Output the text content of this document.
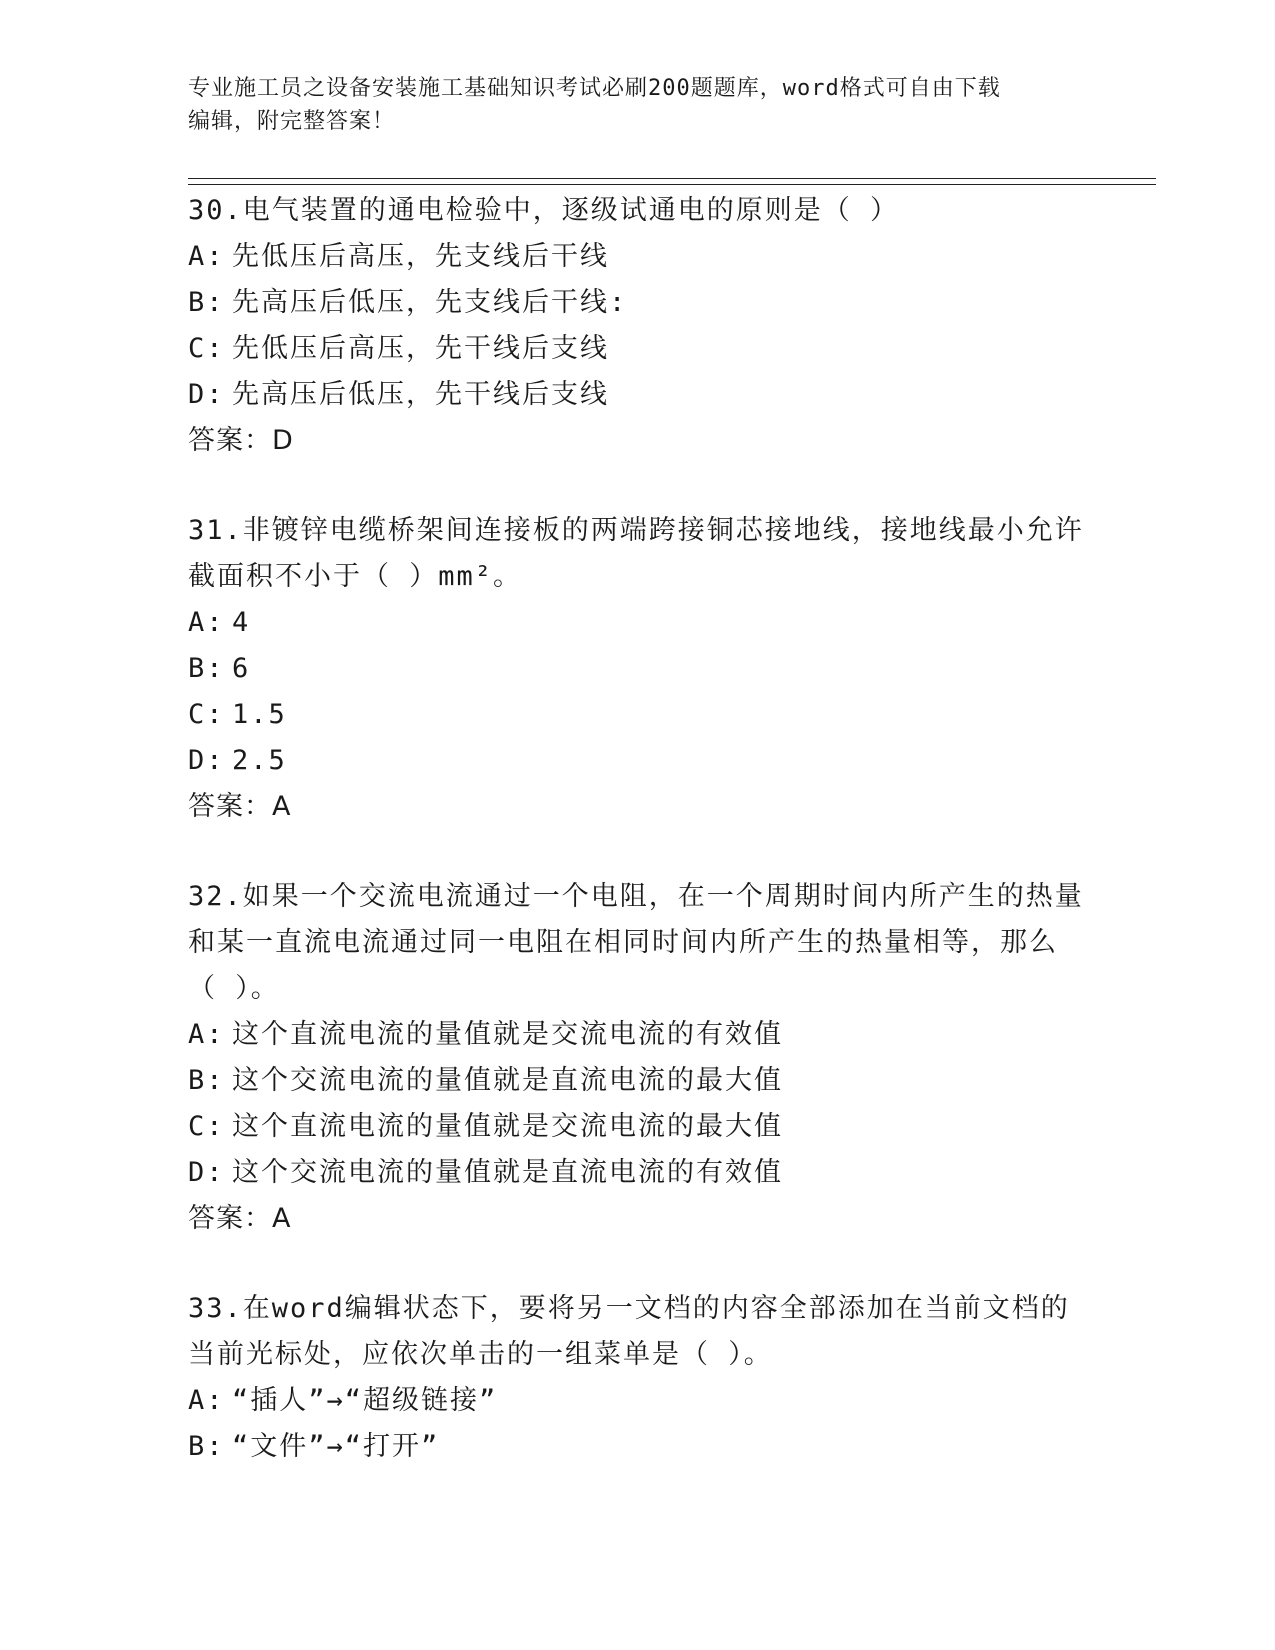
专业施工员之设备安装施工基础知识考试必刷200题题库，word格式可自由下载
编辑，附完整答案！

30.电气装置的通电检验中，逐级试通电的原则是（ ）

A: 先低压后高压，先支线后干线

B: 先高压后低压，先支线后干线:

C: 先低压后高压，先干线后支线

D: 先高压后低压，先干线后支线

答案：D

31.非镀锌电缆桥架间连接板的两端跨接铜芯接地线，接地线最小允许

截面积不小于（ ）mm²。

A: 4

B: 6

C: 1.5

D: 2.5

答案：A

32.如果一个交流电流通过一个电阻，在一个周期时间内所产生的热量

和某一直流电流通过同一电阻在相同时间内所产生的热量相等，那么

（ ）。

A: 这个直流电流的量值就是交流电流的有效值

B: 这个交流电流的量值就是直流电流的最大值

C: 这个直流电流的量值就是交流电流的最大值

D: 这个交流电流的量值就是直流电流的有效值

答案：A

33.在word编辑状态下，要将另一文档的内容全部添加在当前文档的

当前光标处，应依次单击的一组菜单是（ ）。

A: “插人”→“超级链接”

B: “文件”→“打开”
